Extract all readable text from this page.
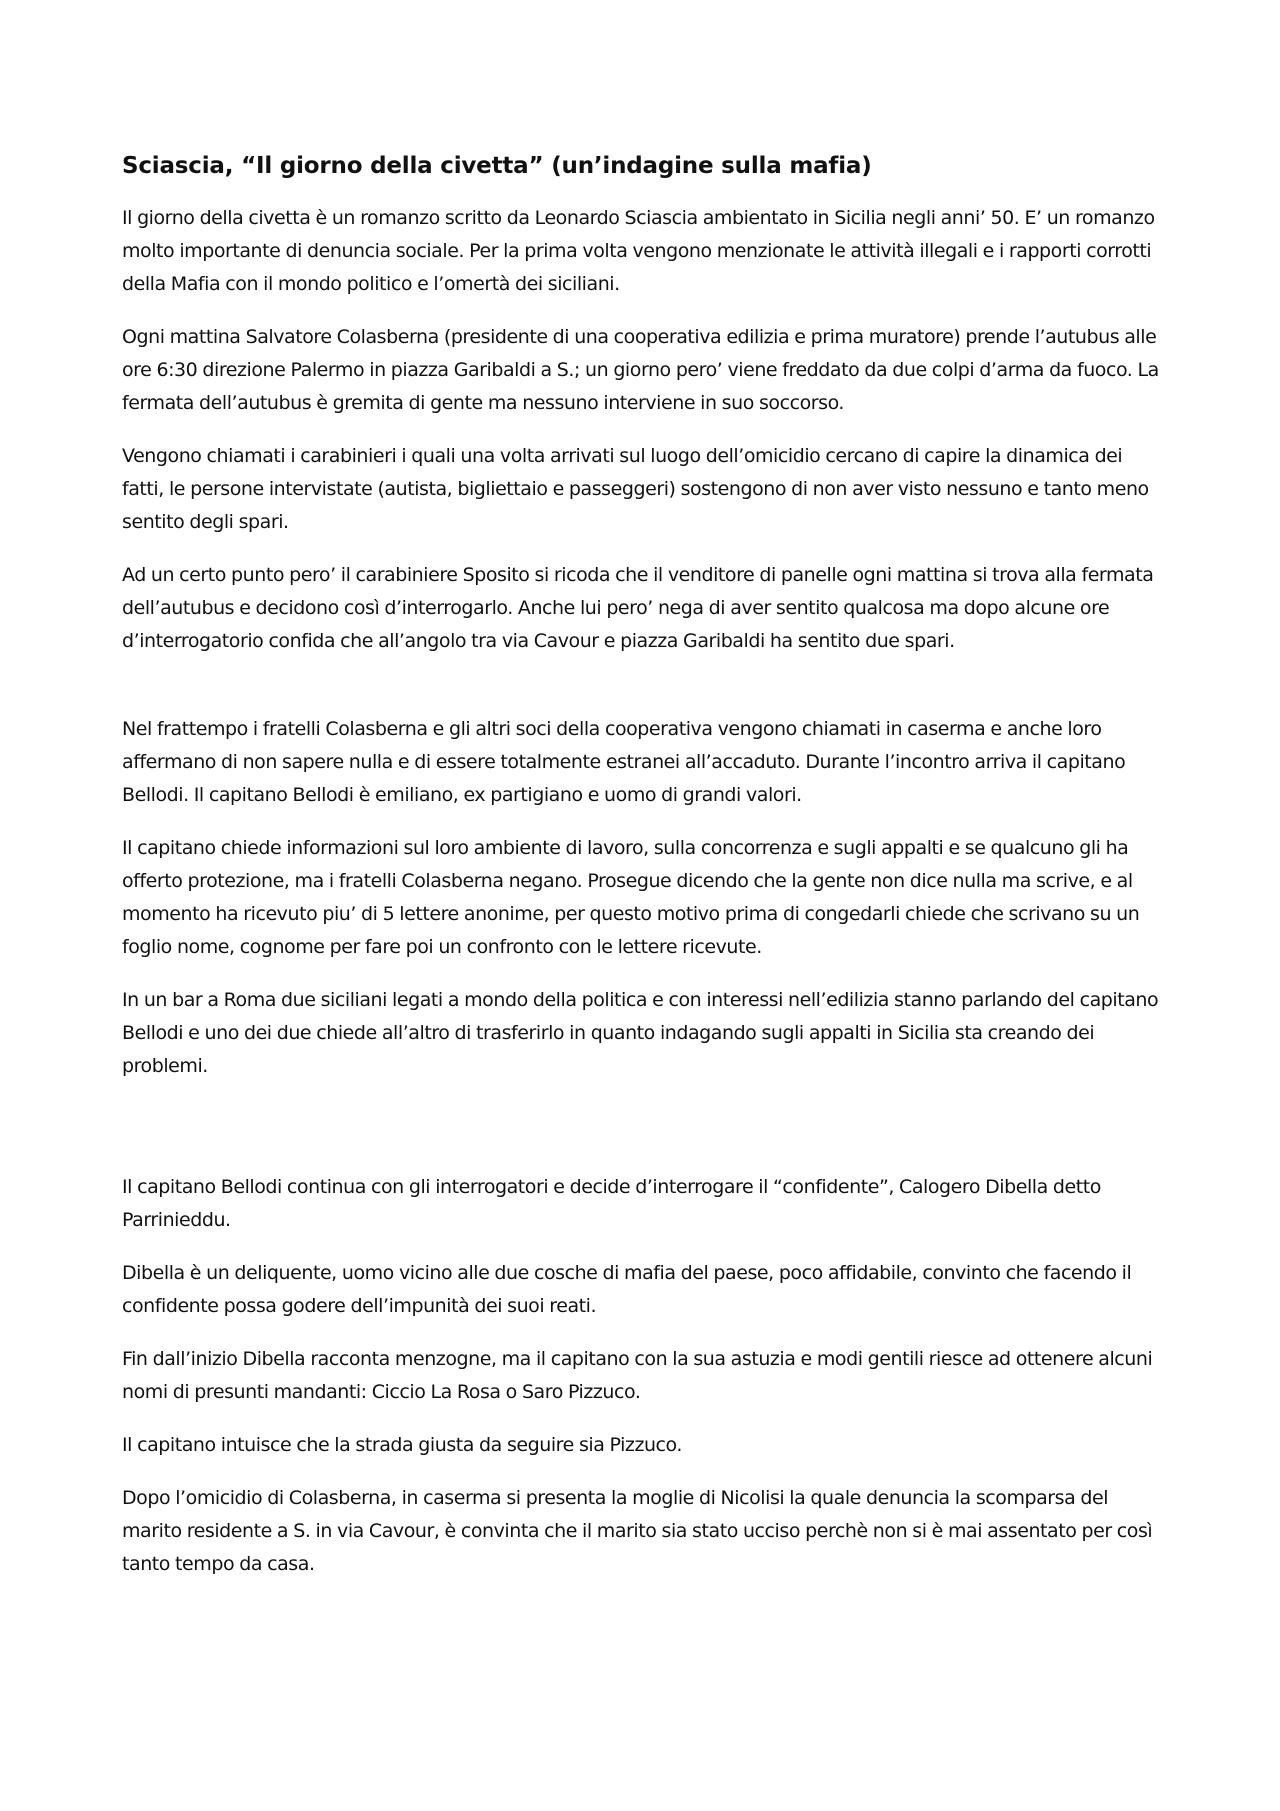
Sciascia, “Il giorno della civetta” (un’indagine sulla mafia)

Il giorno della civetta è un romanzo scritto da Leonardo Sciascia ambientato in Sicilia negli anni’ 50. E’ un romanzo molto importante di denuncia sociale. Per la prima volta vengono menzionate le attività illegali e i rapporti corrotti della Mafia con il mondo politico e l’omertà dei siciliani.

Ogni mattina Salvatore Colasberna (presidente di una cooperativa edilizia e prima muratore) prende l’autubus alle ore 6:30 direzione Palermo in piazza Garibaldi a S.; un giorno pero’ viene freddato da due colpi d’arma da fuoco. La fermata dell’autubus è gremita di gente ma nessuno interviene in suo soccorso.

Vengono chiamati i carabinieri i quali una volta arrivati sul luogo dell’omicidio cercano di capire la dinamica dei fatti, le persone intervistate (autista, bigliettaio e passeggeri) sostengono di non aver visto nessuno e tanto meno sentito degli spari.

Ad un certo punto pero’ il carabiniere Sposito si ricoda che il venditore di panelle ogni mattina si trova alla fermata dell’autubus e decidono così d’interrogarlo. Anche lui pero’ nega di aver sentito qualcosa ma dopo alcune ore d’interrogatorio confida che all’angolo tra via Cavour e piazza Garibaldi ha sentito due spari.

Nel frattempo i fratelli Colasberna e gli altri soci della cooperativa vengono chiamati in caserma e anche loro affermano di non sapere nulla e di essere totalmente estranei all’accaduto. Durante l’incontro arriva il capitano Bellodi. Il capitano Bellodi è emiliano, ex partigiano e uomo di grandi valori.

Il capitano chiede informazioni sul loro ambiente di lavoro, sulla concorrenza e sugli appalti e se qualcuno gli ha offerto protezione, ma i fratelli Colasberna negano. Prosegue dicendo che la gente non dice nulla ma scrive, e al momento ha ricevuto piu’ di 5 lettere anonime, per questo motivo prima di congedarli chiede che scrivano su un foglio nome, cognome per fare poi un confronto con le lettere ricevute.

In un bar a Roma due siciliani legati a mondo della politica e con interessi nell’edilizia stanno parlando del capitano Bellodi e uno dei due chiede all’altro di trasferirlo in quanto indagando sugli appalti in Sicilia sta creando dei problemi.

Il capitano Bellodi continua con gli interrogatori e decide d’interrogare il “confidente”, Calogero Dibella detto Parrinieddu.

Dibella è un deliquente, uomo vicino alle due cosche di mafia del paese, poco affidabile, convinto che facendo il confidente possa godere dell’impunità dei suoi reati.

Fin dall’inizio Dibella racconta menzogne, ma il capitano con la sua astuzia e modi gentili riesce ad ottenere alcuni nomi di presunti mandanti: Ciccio La Rosa o Saro Pizzuco.

Il capitano intuisce che la strada giusta da seguire sia Pizzuco.

Dopo l’omicidio di Colasberna, in caserma si presenta la moglie di Nicolisi la quale denuncia la scomparsa del marito residente a S. in via Cavour, è convinta che il marito sia stato ucciso perchè non si è mai assentato per così tanto tempo da casa.
